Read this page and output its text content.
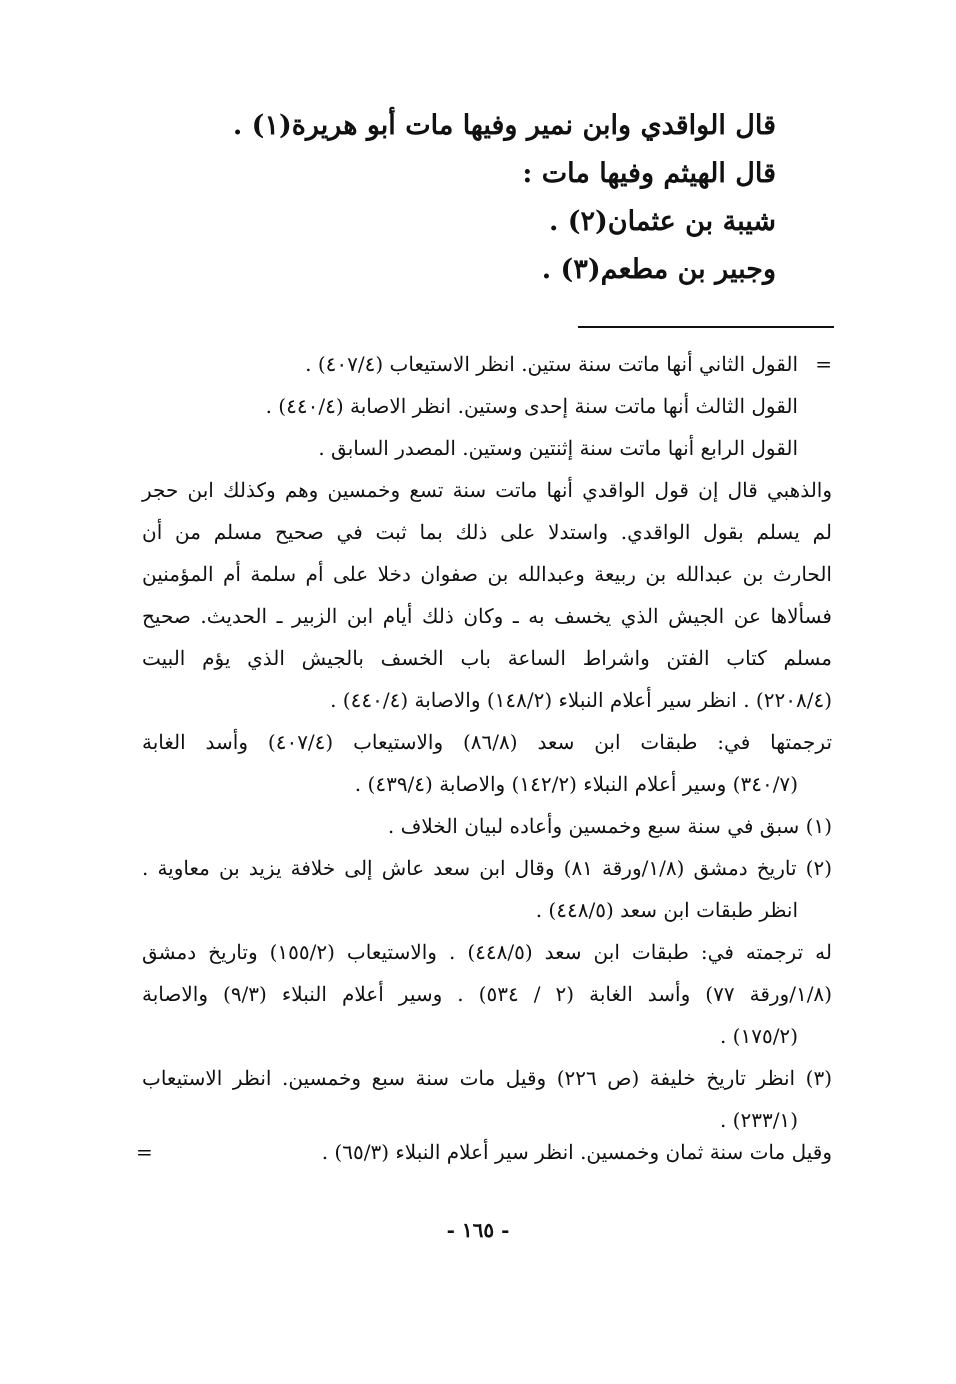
قال الواقدي وابن نمير وفيها مات أبو هريرة(١) .
قال الهيثم وفيها مات :
شيبة بن عثمان(٢) .
وجبير بن مطعم(٣) .
=
=
القول الثاني أنها ماتت سنة ستين. انظر الاستيعاب (٤٠٧/٤) .
القول الثالث أنها ماتت سنة إحدى وستين. انظر الاصابة (٤٤٠/٤) .
القول الرابع أنها ماتت سنة إثنتين وستين. المصدر السابق .
والذهبي قال إن قول الواقدي أنها ماتت سنة تسع وخمسين وهم وكذلك ابن حجر
لم يسلم بقول الواقدي. واستدلا على ذلك بما ثبت في صحيح مسلم من أن
الحارث بن عبدالله بن ربيعة وعبدالله بن صفوان دخلا على أم سلمة أم المؤمنين
فسألاها عن الجيش الذي يخسف به ـ وكان ذلك أيام ابن الزبير ـ الحديث. صحيح
مسلم كتاب الفتن واشراط الساعة باب الخسف بالجيش الذي يؤم البيت
(٢٢٠٨/٤) . انظر سير أعلام النبلاء (١٤٨/٢) والاصابة (٤٤٠/٤) .
ترجمتها في: طبقات ابن سعد (٨٦/٨) والاستيعاب (٤٠٧/٤) وأسد الغابة
(٣٤٠/٧) وسير أعلام النبلاء (١٤٢/٢) والاصابة (٤٣٩/٤) .
(١) سبق في سنة سبع وخمسين وأعاده لبيان الخلاف .
(٢) تاريخ دمشق (١/٨/ورقة ٨١) وقال ابن سعد عاش إلى خلافة يزيد بن معاوية .
انظر طبقات ابن سعد (٤٤٨/٥) .
له ترجمته في: طبقات ابن سعد (٤٤٨/٥) . والاستيعاب (١٥٥/٢) وتاريخ دمشق
(١/٨/ورقة ٧٧) وأسد الغابة (٢ / ٥٣٤) . وسير أعلام النبلاء (٩/٣) والاصابة
(١٧٥/٢) .
(٣) انظر تاريخ خليفة (ص ٢٢٦) وقيل مات سنة سبع وخمسين. انظر الاستيعاب
(٢٣٣/١) .
وقيل مات سنة ثمان وخمسين. انظر سير أعلام النبلاء (٦٥/٣) .
- ١٦٥ -
